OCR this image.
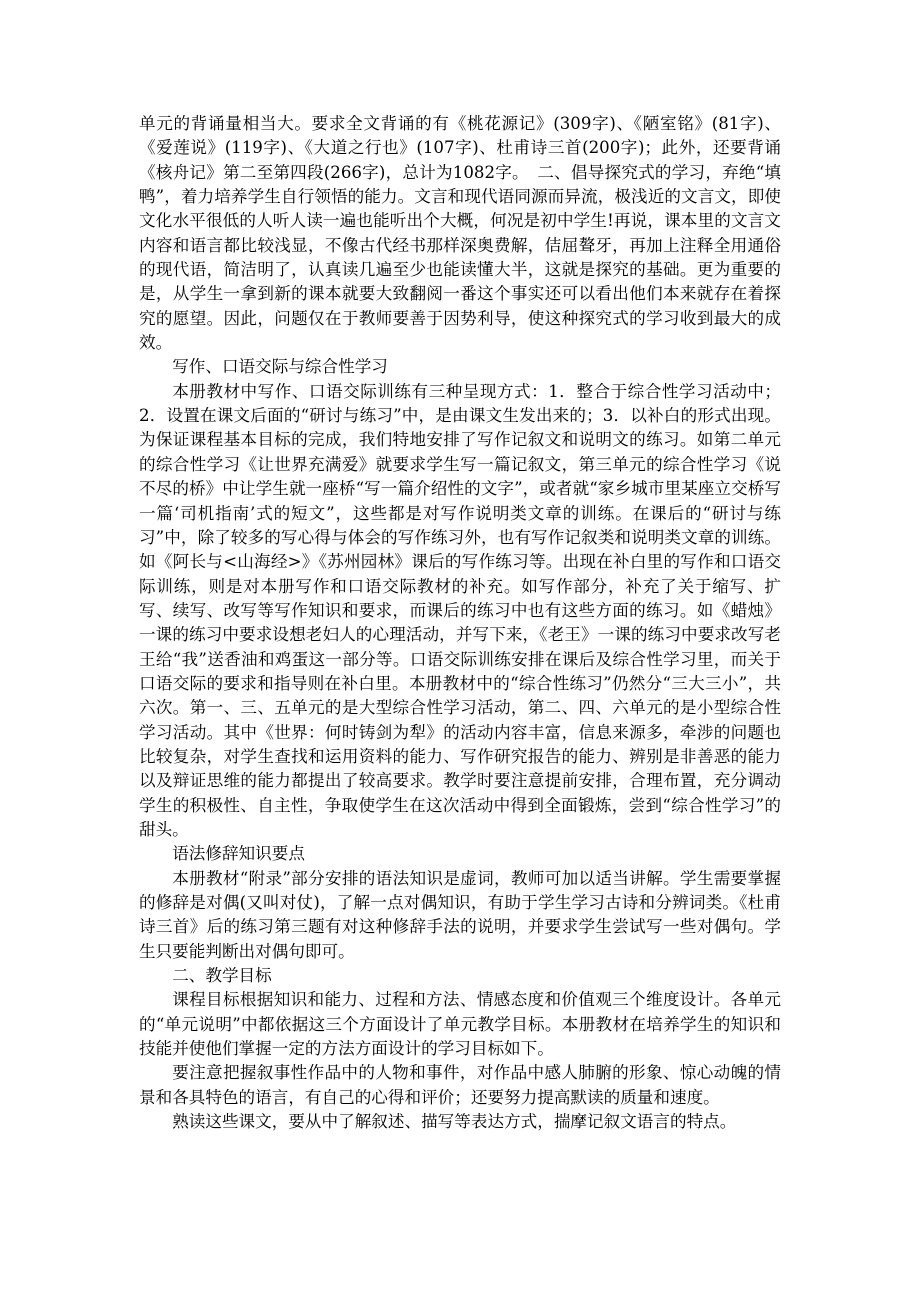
单元的背诵量相当大。要求全文背诵的有《桃花源记》(309字)、《陋室铭》(81字)、《爱莲说》(119字)、《大道之行也》(107字)、杜甫诗三首(200字)；此外，还要背诵《核舟记》第二至第四段(266字)，总计为1082字。　二、倡导探究式的学习，弃绝“填鸭”，着力培养学生自行领悟的能力。文言和现代语同源而异流，极浅近的文言文，即使文化水平很低的人听人读一遍也能听出个大概，何况是初中学生!再说，课本里的文言文内容和语言都比较浅显，不像古代经书那样深奥费解，佶屈聱牙，再加上注释全用通俗的现代语，简洁明了，认真读几遍至少也能读懂大半，这就是探究的基础。更为重要的是，从学生一拿到新的课本就要大致翻阅一番这个事实还可以看出他们本来就存在着探究的愿望。因此，问题仅在于教师要善于因势利导，使这种探究式的学习收到最大的成效。

写作、口语交际与综合性学习

本册教材中写作、口语交际训练有三种呈现方式：1．整合于综合性学习活动中；2．设置在课文后面的“研讨与练习”中，是由课文生发出来的；3．以补白的形式出现。为保证课程基本目标的完成，我们特地安排了写作记叙文和说明文的练习。如第二单元的综合性学习《让世界充满爱》就要求学生写一篇记叙文，第三单元的综合性学习《说不尽的桥》中让学生就一座桥“写一篇介绍性的文字”，或者就“家乡城市里某座立交桥写一篇‘司机指南’式的短文”，这些都是对写作说明类文章的训练。在课后的“研讨与练习”中，除了较多的写心得与体会的写作练习外，也有写作记叙类和说明类文章的训练。如《阿长与<山海经>》《苏州园林》课后的写作练习等。出现在补白里的写作和口语交际训练，则是对本册写作和口语交际教材的补充。如写作部分，补充了关于缩写、扩写、续写、改写等写作知识和要求，而课后的练习中也有这些方面的练习。如《蜡烛》一课的练习中要求设想老妇人的心理活动，并写下来，《老王》一课的练习中要求改写老王给“我”送香油和鸡蛋这一部分等。口语交际训练安排在课后及综合性学习里，而关于口语交际的要求和指导则在补白里。本册教材中的“综合性练习”仍然分“三大三小”，共六次。第一、三、五单元的是大型综合性学习活动，第二、四、六单元的是小型综合性学习活动。其中《世界：何时铸剑为犁》的活动内容丰富，信息来源多，牵涉的问题也比较复杂，对学生查找和运用资料的能力、写作研究报告的能力、辨别是非善恶的能力以及辩证思维的能力都提出了较高要求。教学时要注意提前安排，合理布置，充分调动学生的积极性、自主性，争取使学生在这次活动中得到全面锻炼，尝到“综合性学习”的甜头。

语法修辞知识要点

本册教材“附录”部分安排的语法知识是虚词，教师可加以适当讲解。学生需要掌握的修辞是对偶(又叫对仗)，了解一点对偶知识，有助于学生学习古诗和分辨词类。《杜甫诗三首》后的练习第三题有对这种修辞手法的说明，并要求学生尝试写一些对偶句。学生只要能判断出对偶句即可。

二、教学目标

课程目标根据知识和能力、过程和方法、情感态度和价值观三个维度设计。各单元的“单元说明”中都依据这三个方面设计了单元教学目标。本册教材在培养学生的知识和技能并使他们掌握一定的方法方面设计的学习目标如下。

要注意把握叙事性作品中的人物和事件，对作品中感人肺腑的形象、惊心动魄的情景和各具特色的语言，有自己的心得和评价；还要努力提高默读的质量和速度。

熟读这些课文，要从中了解叙述、描写等表达方式，揣摩记叙文语言的特点。
